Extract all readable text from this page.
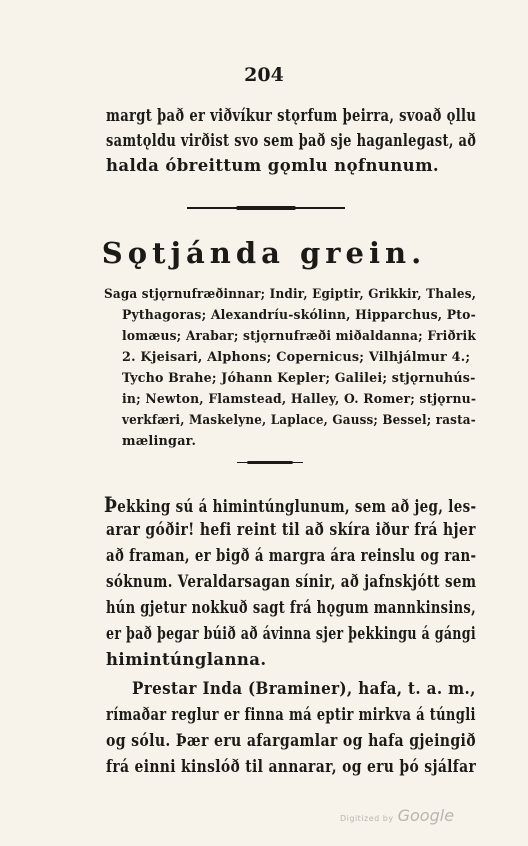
204
margt það er viðvíkur stǫrfum þeirra, svoað ǫllu
samtǫldu virðist svo sem það sje haganlegast, að
halda óbreittum gǫmlu nǫfnunum.
Sǫtjánda grein.
Saga stjǫrnufræðinnar; Indir, Egiptir, Grikkir, Thales,
Pythagoras; Alexandríu-skólinn, Hipparchus, Pto-
lomæus; Arabar; stjǫrnufræði miðaldanna; Friðrik
2. Kjeisari, Alphons; Copernicus; Vilhjálmur 4.;
Tycho Brahe; Jóhann Kepler; Galilei; stjǫrnuhús-
in; Newton, Flamstead, Halley, O. Romer; stjǫrnu-
verkfæri, Maskelyne, Laplace, Gauss; Bessel; rasta-
mælingar.
Þekking sú á himintúnglunum, sem að jeg, les-
arar góðir! hefi reint til að skíra iður frá hjer
að framan, er bigð á margra ára reinslu og ran-
sóknum. Veraldarsagan sínir, að jafnskjótt sem
hún gjetur nokkuð sagt frá hǫgum mannkinsins,
er það þegar búið að ávinna sjer þekkingu á gángi
himintúnglanna.
Prestar Inda (Braminer), hafa, t. a. m.,
rímaðar reglur er finna má eptir mirkva á túngli
og sólu. Þær eru afargamlar og hafa gjeingið
frá einni kinslóð til annarar, og eru þó sjálfar
Digitized by Google
